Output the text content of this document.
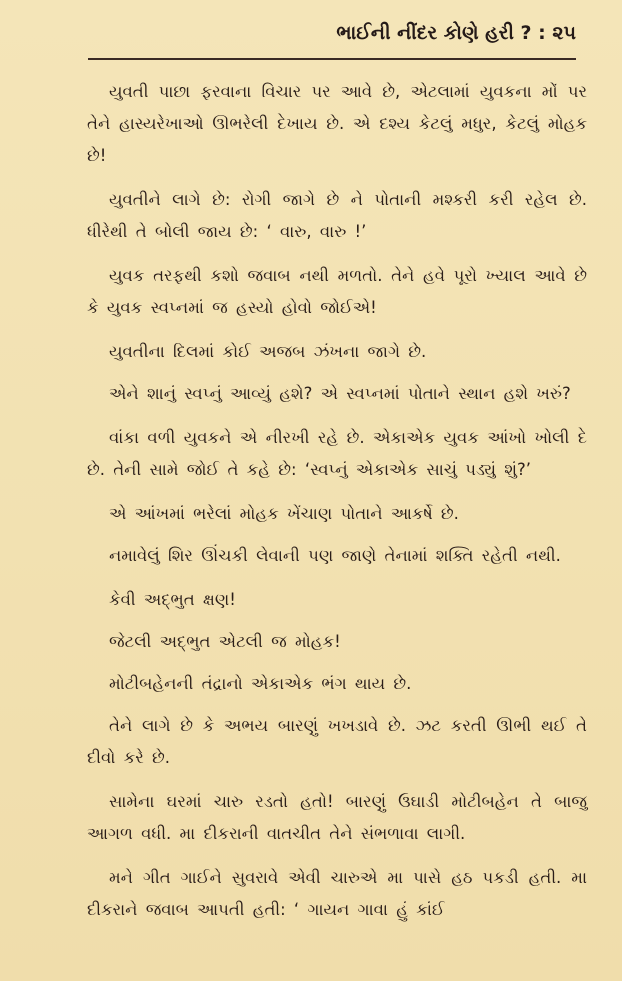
ભાઈની નીંદર કોણે હરી ? : ૨૫

યુવતી પાછા ફરવાના વિચાર પર આવે છે, એટલામાં યુવકના મોં પર તેને હાસ્યરેખાઓ ઊભરેલી દેખાય છે. એ દશ્ય કેટલું મધુર, કેટલું મોહક છે!

યુવતીને લાગે છે: રોગી જાગે છે ને પોતાની મશ્કરી કરી રહેલ છે. ધીરેથી તે બોલી જાય છે: ‘ વારુ, વારુ !’

યુવક તરફથી કશો જવાબ નથી મળતો. તેને હવે પૂરો ખ્યાલ આવે છે કે યુવક સ્વપ્નમાં જ હસ્યો હોવો જોઈએ!

યુવતીના દિલમાં કોઈ અજબ ઝંખના જાગે છે.

એને શાનું સ્વપ્નું આવ્યું હશે? એ સ્વપ્નમાં પોતાને સ્થાન હશે ખરું?

વાંકા વળી યુવકને એ નીરખી રહે છે. એકાએક યુવક આંખો ખોલી દે છે. તેની સામે જોઈ તે કહે છે: ‘સ્વપ્નું એકાએક સાચું પડ્યું શું?’

એ આંખમાં ભરેલાં મોહક ખેંચાણ પોતાને આકર્ષે છે.

નમાવેલું શિર ઊંચકી લેવાની પણ જાણે તેનામાં શક્તિ રહેતી નથી.

કેવી અદ્ભુત ક્ષણ!

જેટલી અદ્ભુત એટલી જ મોહક!

મોટીબહેનની તંદ્રાનો એકાએક ભંગ થાય છે.

તેને લાગે છે કે અભય બારણું ખખડાવે છે. ઝટ કરતી ઊભી થઈ તે દીવો કરે છે.

સામેના ઘરમાં ચારુ રડતો હતો! બારણું ઉઘાડી મોટીબહેન તે બાજુ આગળ વધી. મા દીકરાની વાતચીત તેને સંભળાવા લાગી.

મને ગીત ગાઈને સુવરાવે એવી ચારુએ મા પાસે હઠ પકડી હતી. મા દીકરાને જવાબ આપતી હતી: ‘ ગાયન ગાવા હું કાંઈ
